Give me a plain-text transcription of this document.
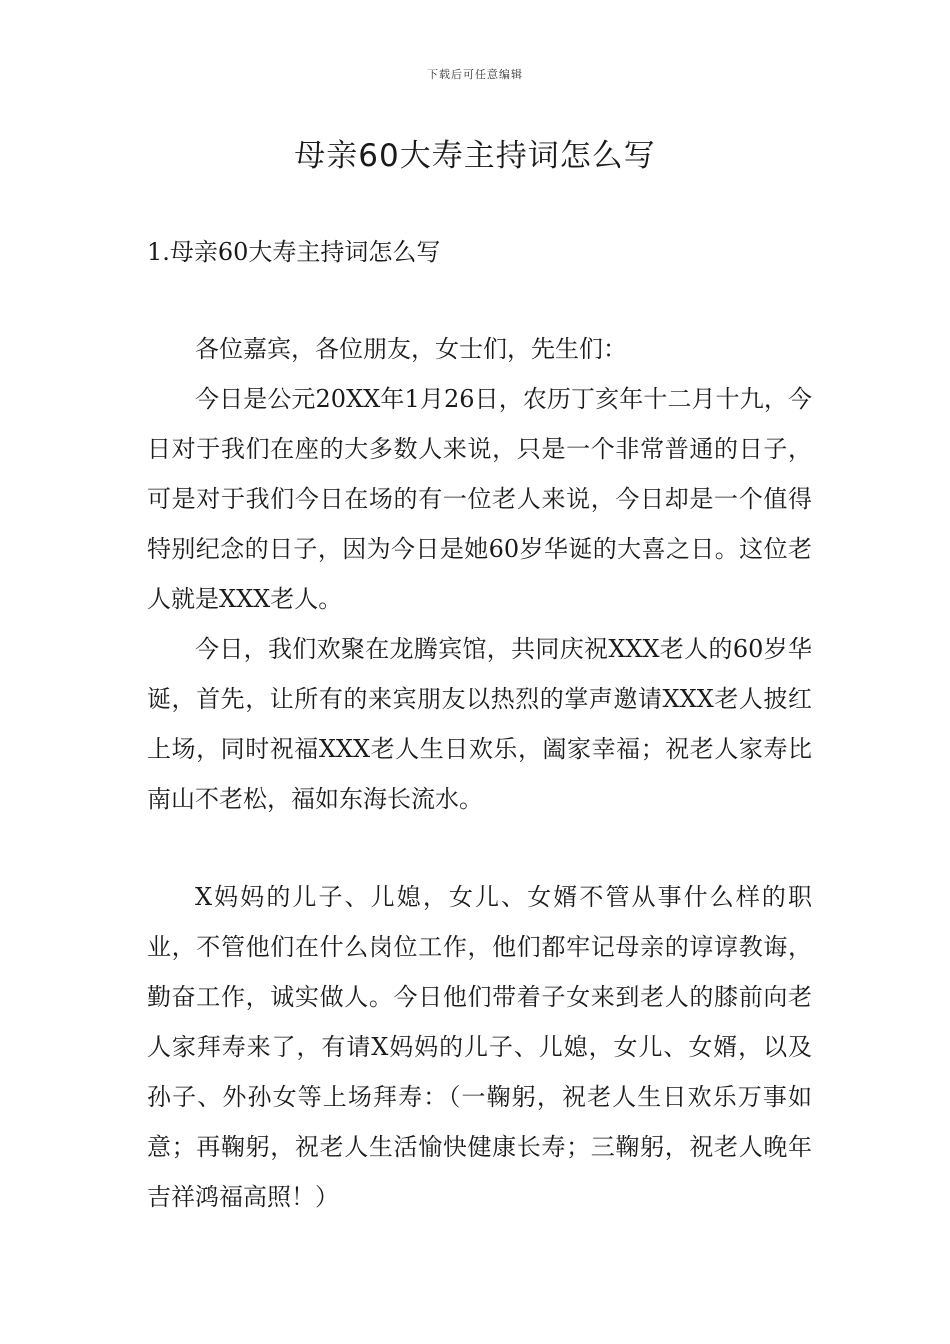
下载后可任意编辑
母亲60大寿主持词怎么写
1.母亲60大寿主持词怎么写

各位嘉宾，各位朋友，女士们，先生们：

今日是公元20XX年1月26日，农历丁亥年十二月十九，今日对于我们在座的大多数人来说，只是一个非常普通的日子，可是对于我们今日在场的有一位老人来说，今日却是一个值得特别纪念的日子，因为今日是她60岁华诞的大喜之日。这位老人就是XXX老人。

今日，我们欢聚在龙腾宾馆，共同庆祝XXX老人的60岁华诞，首先，让所有的来宾朋友以热烈的掌声邀请XXX老人披红上场，同时祝福XXX老人生日欢乐，阖家幸福；祝老人家寿比南山不老松，福如东海长流水。

X妈妈的儿子、儿媳，女儿、女婿不管从事什么样的职业，不管他们在什么岗位工作，他们都牢记母亲的谆谆教诲，勤奋工作，诚实做人。今日他们带着子女来到老人的膝前向老人家拜寿来了，有请X妈妈的儿子、儿媳，女儿、女婿，以及孙子、外孙女等上场拜寿：（一鞠躬，祝老人生日欢乐万事如意；再鞠躬，祝老人生活愉快健康长寿；三鞠躬，祝老人晚年吉祥鸿福高照！）
